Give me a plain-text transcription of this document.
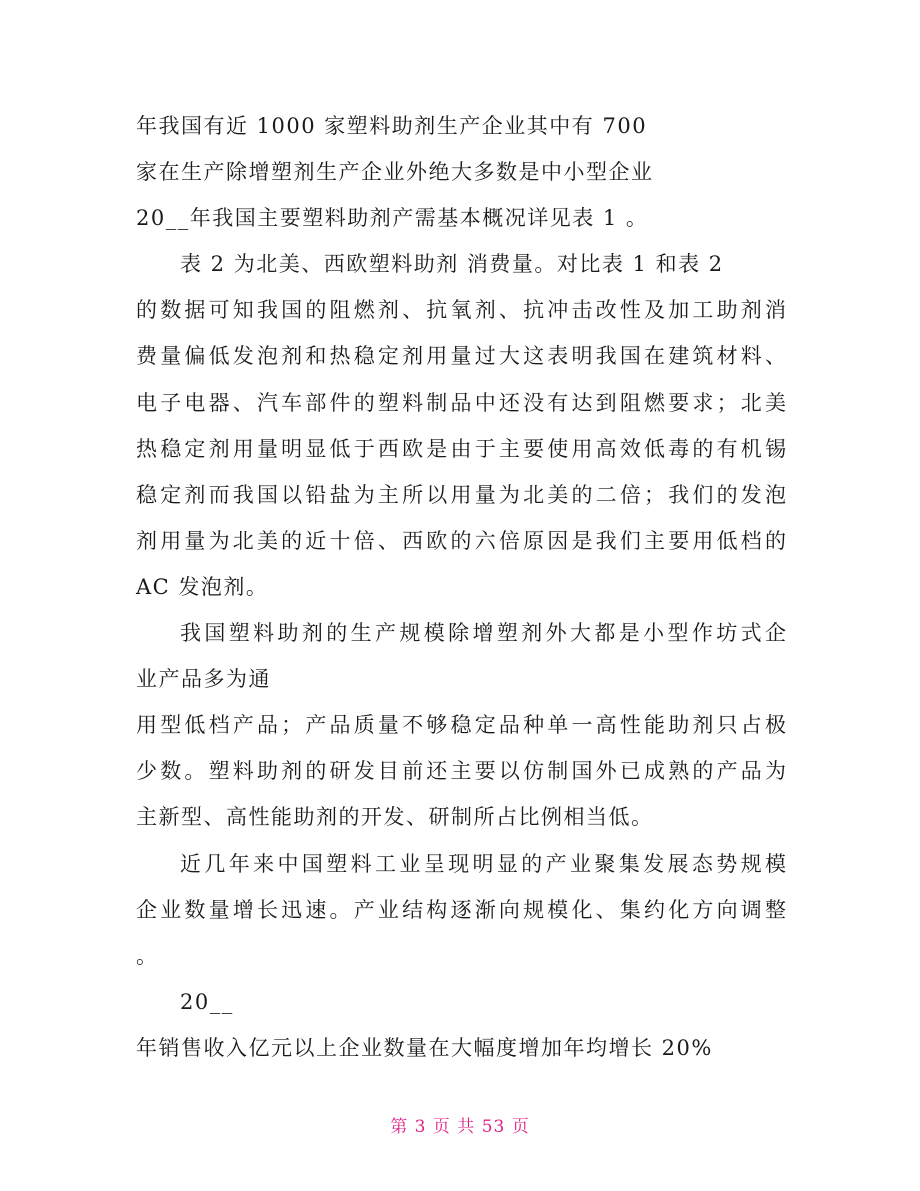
年我国有近 1000 家塑料助剂生产企业其中有 700
家在生产除增塑剂生产企业外绝大多数是中小型企业
20__年我国主要塑料助剂产需基本概况详见表 1 。
表 2 为北美、西欧塑料助剂 消费量。对比表 1 和表 2
的数据可知我国的阻燃剂、抗氧剂、抗冲击改性及加工助剂消
费量偏低发泡剂和热稳定剂用量过大这表明我国在建筑材料、
电子电器、汽车部件的塑料制品中还没有达到阻燃要求；北美
热稳定剂用量明显低于西欧是由于主要使用高效低毒的有机锡
稳定剂而我国以铅盐为主所以用量为北美的二倍；我们的发泡
剂用量为北美的近十倍、西欧的六倍原因是我们主要用低档的
AC 发泡剂。
我国塑料助剂的生产规模除增塑剂外大都是小型作坊式企
业产品多为通
用型低档产品；产品质量不够稳定品种单一高性能助剂只占极
少数。塑料助剂的研发目前还主要以仿制国外已成熟的产品为
主新型、高性能助剂的开发、研制所占比例相当低。
近几年来中国塑料工业呈现明显的产业聚集发展态势规模
企业数量增长迅速。产业结构逐渐向规模化、集约化方向调整
。
20__
年销售收入亿元以上企业数量在大幅度增加年均增长 20%
第 3 页 共 53 页
